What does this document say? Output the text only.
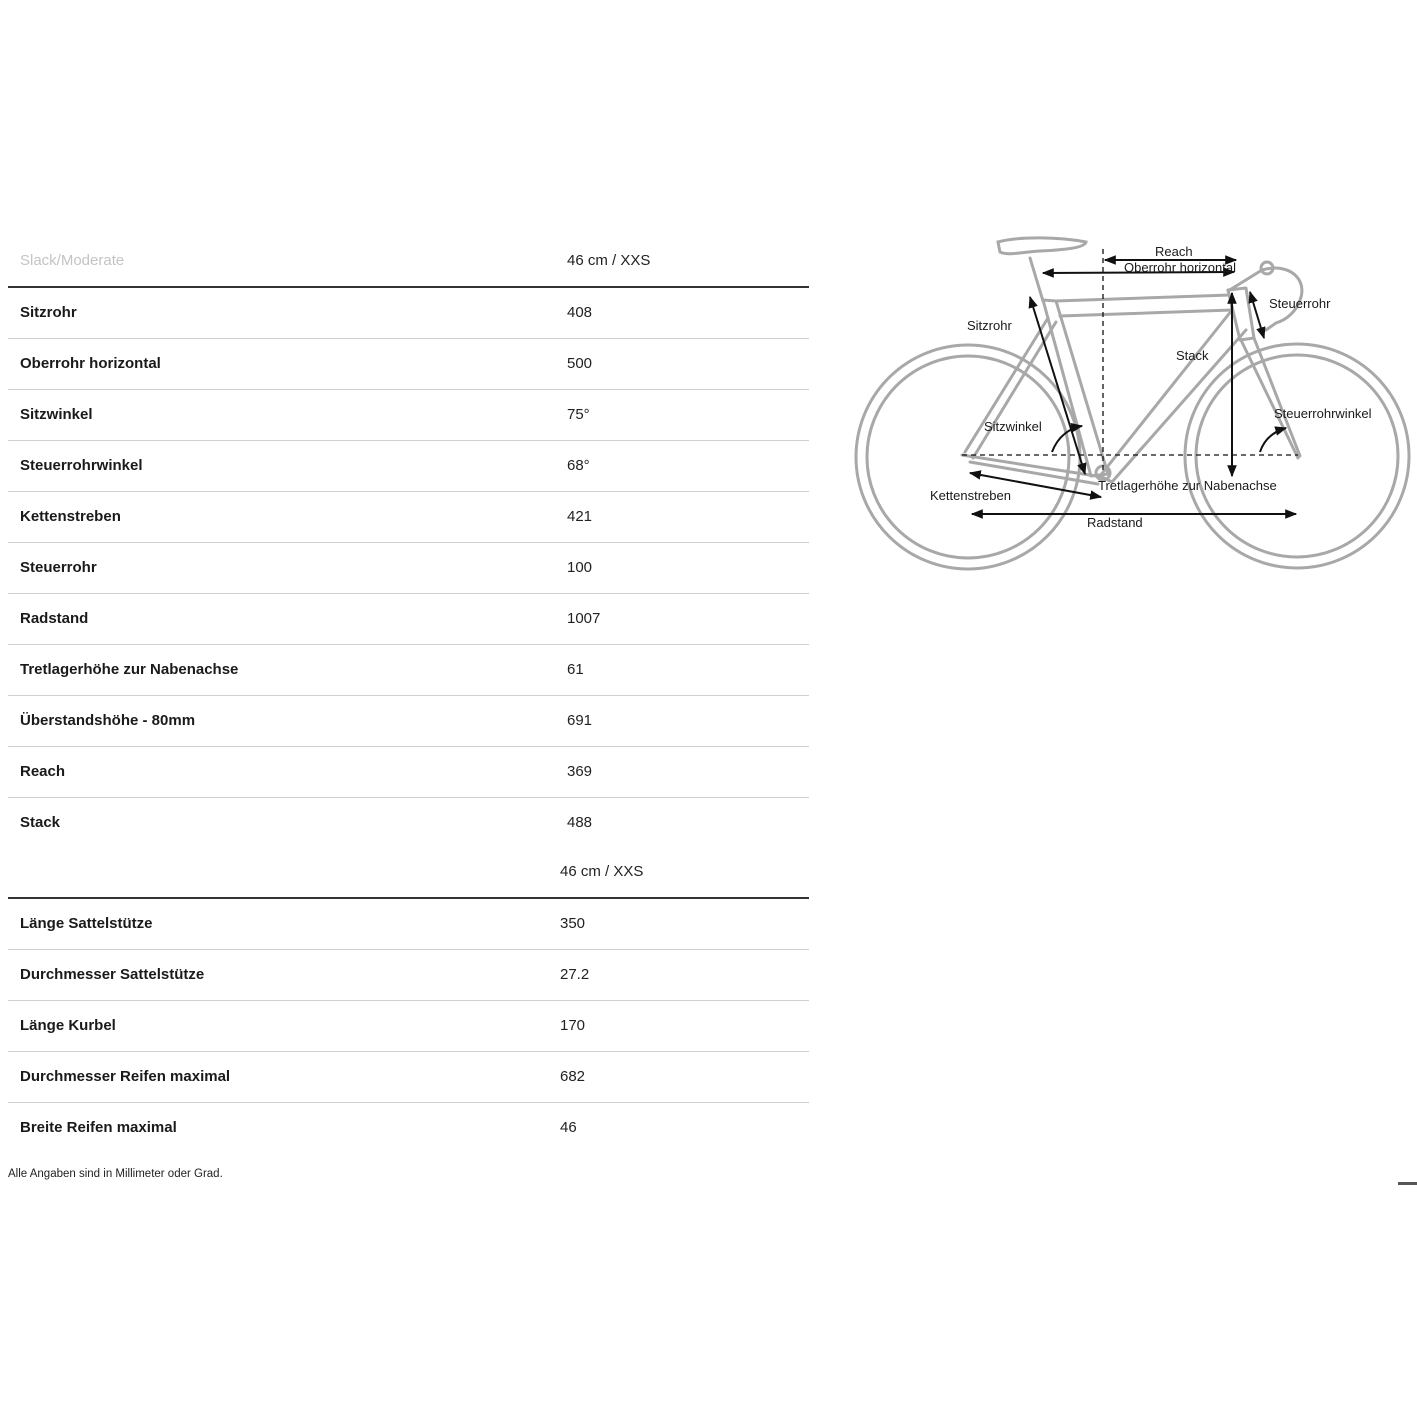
Slack/Moderate	46 cm / XXS
Sitzrohr	408
Oberrohr horizontal	500
Sitzwinkel	75°
Steuerrohrwinkel	68°
Kettenstreben	421
Steuerrohr	100
Radstand	1007
Tretlagerhöhe zur Nabenachse	61
Überstandshöhe - 80mm	691
Reach	369
Stack	488
46 cm / XXS
Länge Sattelstütze	350
Durchmesser Sattelstütze	27.2
Länge Kurbel	170
Durchmesser Reifen maximal	682
Breite Reifen maximal	46
Alle Angaben sind in Millimeter oder Grad.
Reach
Oberrohr horizontal
Steuerrohr
Sitzrohr
Stack
Sitzwinkel
Steuerrohrwinkel
Kettenstreben
Tretlagerhöhe zur Nabenachse
Radstand
